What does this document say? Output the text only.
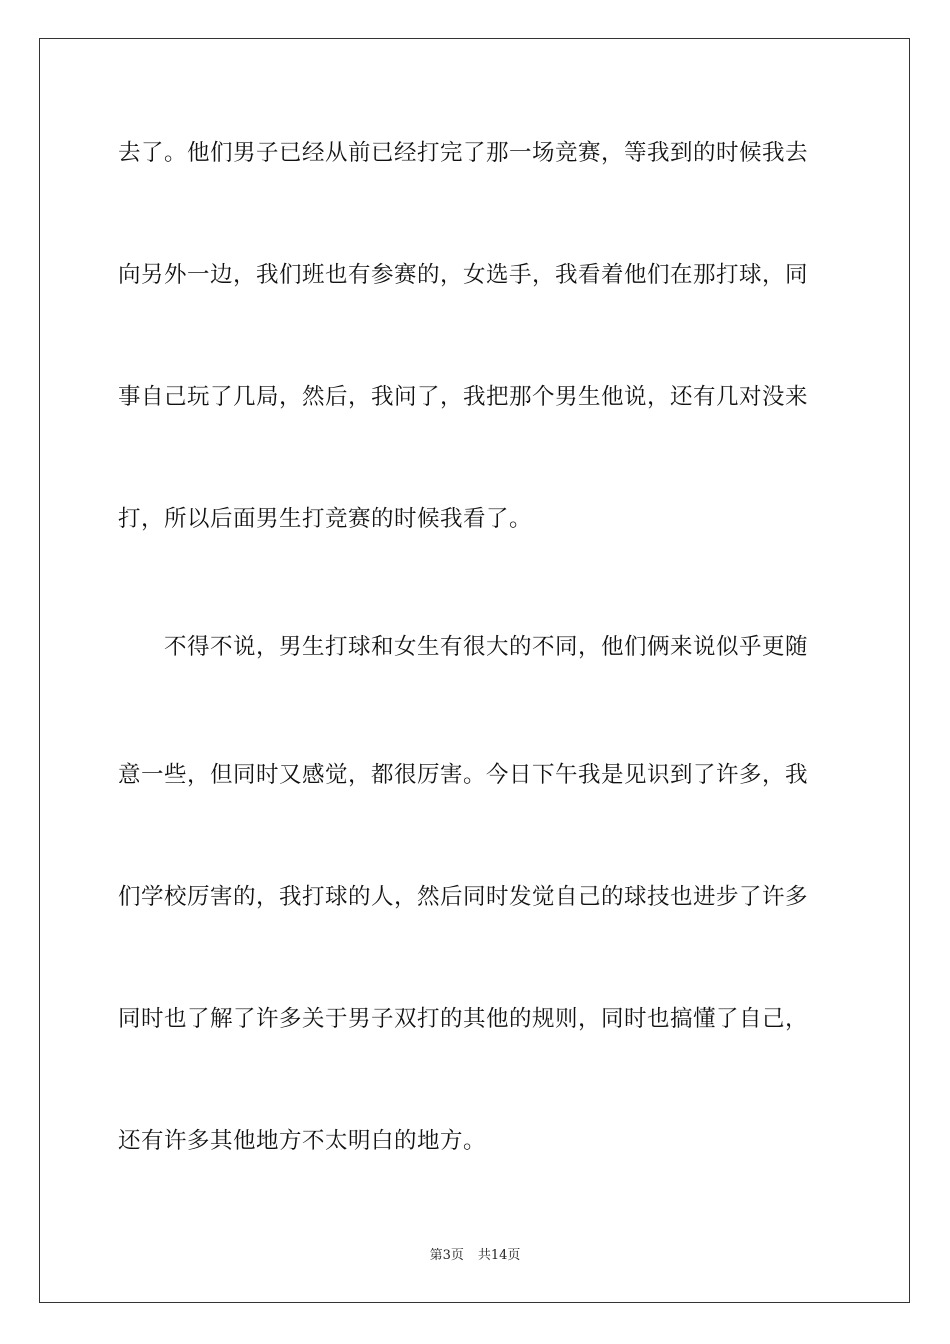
去了。他们男子已经从前已经打完了那一场竞赛，等我到的时候我去
向另外一边，我们班也有参赛的，女选手，我看着他们在那打球，同
事自己玩了几局，然后，我问了，我把那个男生他说，还有几对没来
打，所以后面男生打竞赛的时候我看了。
不得不说，男生打球和女生有很大的不同，他们俩来说似乎更随
意一些，但同时又感觉，都很厉害。今日下午我是见识到了许多，我
们学校厉害的，我打球的人，然后同时发觉自己的球技也进步了许多
同时也了解了许多关于男子双打的其他的规则，同时也搞懂了自己，
还有许多其他地方不太明白的地方。
第3页 共14页
